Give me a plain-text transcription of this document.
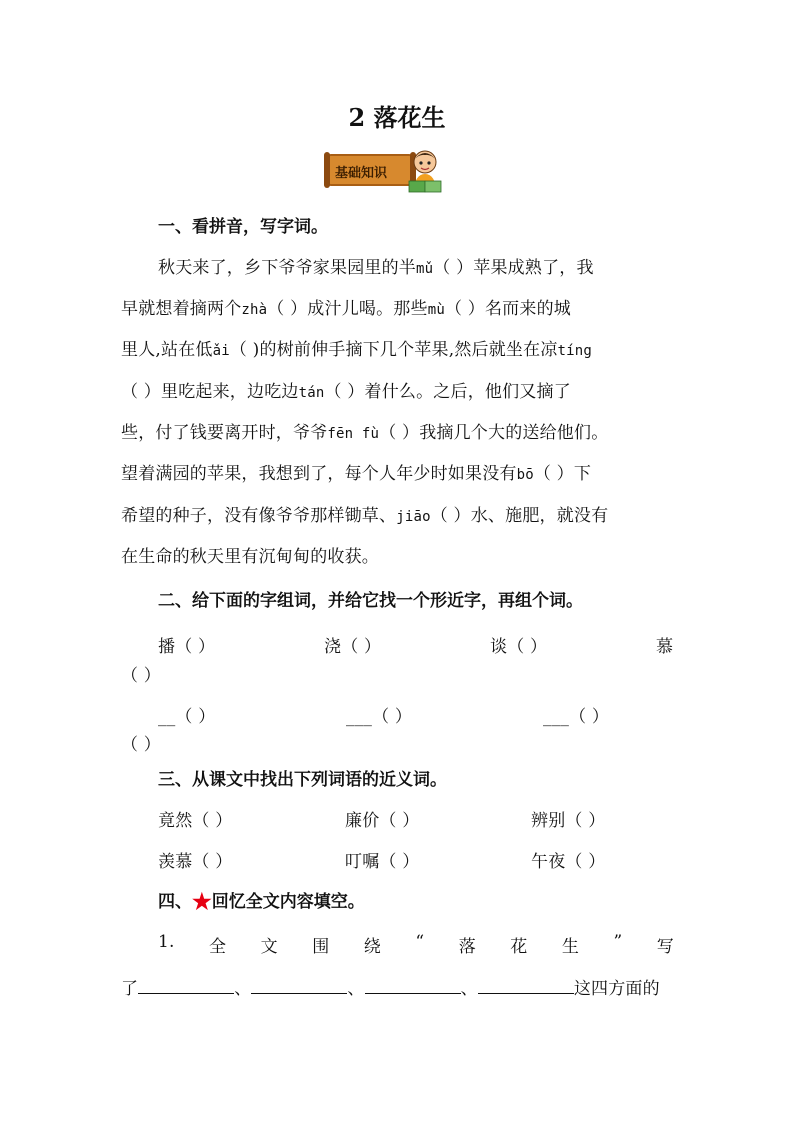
2 落花生
基础知识
一、看拼音，写字词。
秋天来了，乡下爷爷家果园里的半mǔ（ ）苹果成熟了，我
早就想着摘两个zhà（ ）成汁儿喝。那些mù（ ）名而来的城
里人,站在低ǎi（ )的树前伸手摘下几个苹果,然后就坐在凉tíng
（ ）里吃起来，边吃边tán（ ）着什么。之后，他们又摘了
些，付了钱要离开时，爷爷fēn fù（ ）我摘几个大的送给他们。
望着满园的苹果，我想到了，每个人年少时如果没有bō（ ）下
希望的种子，没有像爷爷那样锄草、jiāo（ ）水、施肥，就没有
在生命的秋天里有沉甸甸的收获。
二、给下面的字组词，并给它找一个形近字，再组个词。
播（ ）	浇（ ）	谈（ ）	慕
（ ）
__（ ）	___（ ）	___（ ）
（ ）
三、从课文中找出下列词语的近义词。
竟然（ ）	廉价（ ）	辨别（ ）
羡慕（ ）	叮嘱（ ）	午夜（ ）
四、★回忆全文内容填空。
1. 全 文 围 绕 “ 落 花 生 ” 写
了	、	、	、	这四方面的
